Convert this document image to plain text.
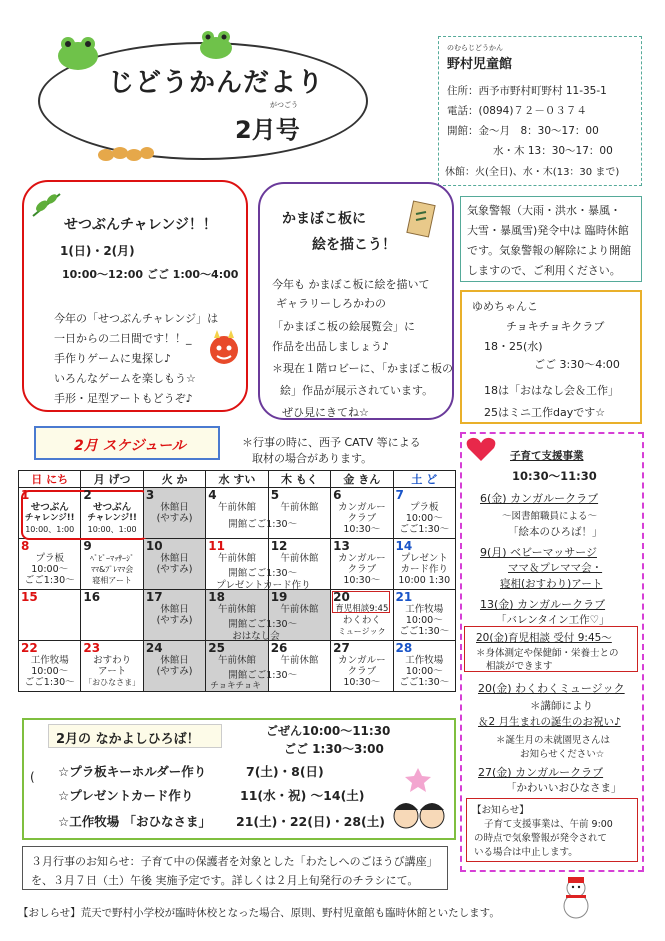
じどうかんだより
がつごう
2月号
のむらじどうかん
野村児童館
住所：西予市野村町野村 11-35-1
電話：(0894)７２－０３７４
開館：金～月　8：30～17：00
水・木 13：30～17：00
休館：火(全日)、水・木(13：30 まで)
せつぶんチャレンジ！！
1(日)・2(月)
10:00～12:00 ごご 1:00～4:00
今年の「せつぶんチャレンジ」は
一日からの二日間です！！_
手作りゲームに鬼探し♪
いろんなゲームを楽しもう☆
手形・足型アートもどうぞ♪
かまぼこ板に
絵を描こう！
今年も かまぼこ板に絵を描いて
ギャラリーしろかわの
「かまぼこ板の絵展覧会」に
作品を出品しましょう♪
＊現在１階ロビーに、「かまぼこ板の
絵」作品が展示されています。
ぜひ見にきてね☆
気象警報（大雨・洪水・暴風・
大雪・暴風雪)発令中は 臨時休館
です。気象警報の解除により開館
しますので、ご利用ください。
ゆめちゃんこ
チョキチョキクラブ
18・25(水)
ごご 3:30～4:00
18は「おはなし会＆工作」
25はミニ工作dayです☆
2月 スケジュール	＊行事の時に、西予 CATV 等による
取材の場合があります。
日 にち	月 げつ	火 か	水 すい	木 もく	金 きん	土 ど

1
せつぶん
チャレンジ!!
10:00、1:00	2
せつぶん
チャレンジ!!
10:00、1:00	3
休館日
(やすみ)	4
午前休館
開館ごご1:30～	5
午前休館	6
カンガルー
クラブ
10:30～	7
プラ板
10:00～
ごご1:30～

8
プラ板
10:00～
ごご1:30～	9
ﾍﾞﾋﾞｰﾏｯｻｰｼﾞ
ﾏﾏ&ﾌﾟﾚﾏﾏ会
寝相アート	10
休館日
(やすみ)	11
午前休館
開館ごご1:30～
プレゼントカード作り	12
午前休館	13
カンガルー
クラブ
10:30～	14
プレゼント
カード作り
10:00 1:30

15	16	17
休館日
(やすみ)	18
午前休館
開館ごご1:30～
おはなし会	19
午前休館	20
育児相談9:45
わくわく
ミュージック	21
工作牧場
10:00～
ごご1:30～

22
工作牧場
10:00～
ごご1:30～	23
おすわり
アート
「おひなさま」	24
休館日
(やすみ)	25
午前休館
開館ごご1:30～
チョキチョキ	26
午前休館	27
カンガルー
クラブ
10:30～	28
工作牧場
10:00～
ごご1:30～
2月の なかよしひろば！
ごぜん10:00～11:30
ごご 1:30～3:00
( ☆プラ板キーホルダー作り	7(土)・8(日)
☆プレゼントカード作り	11(水・祝) ～14(土)
☆工作牧場 「おひなさま」 21(土)・22(日)・28(土)
３月行事のお知らせ：子育て中の保護者を対象とした「わたしへのごほうび講座」
を、３月７日（土）午後 実施予定です。詳しくは２月上旬発行のチラシにて。
【おしらせ】荒天で野村小学校が臨時休校となった場合、原則、野村児童館も臨時休館といたします。
子育て支援事業
10:30～11:30
6(金) カンガルークラブ
～図書館職員による～
「絵本のひろば！」
9(月) ベビーマッサージ
ママ＆プレママ会・
寝相(おすわり)アート
13(金) カンガルークラブ
「バレンタイン工作♡」
20(金)育児相談 受付 9:45～
＊身体測定や保健師・栄養士との
相談ができます
20(金) わくわくミュージック
＊講師により
＆2 月生まれの誕生のお祝い♪
＊誕生月の未就園児さんは
お知らせください☆
27(金) カンガルークラブ
「かわいいおひなさま」
【お知らせ】
子育て支援事業は、午前 9:00
の時点で気象警報が発令されて
いる場合は中止します。
